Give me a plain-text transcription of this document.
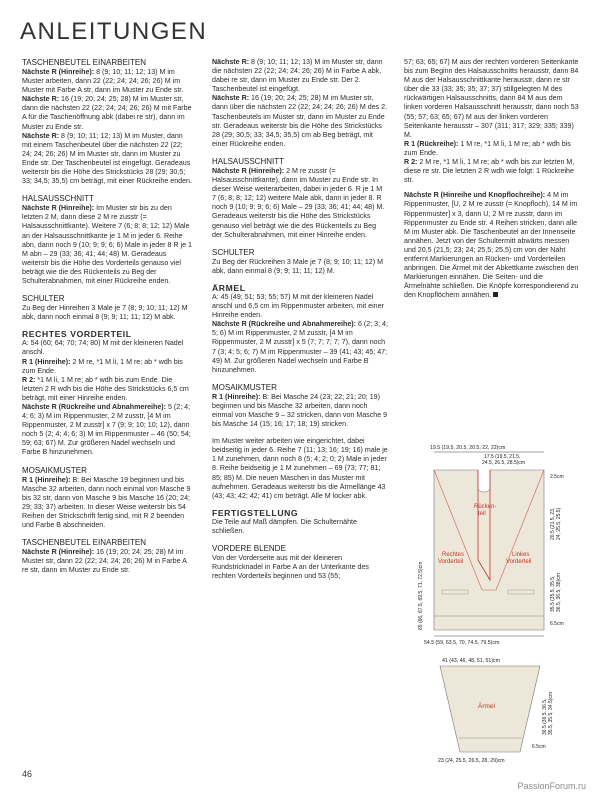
ANLEITUNGEN
TASCHENBEUTEL EINARBEITEN

Nächste R (Hinreihe): 8 (9; 10; 11; 12; 13) M im Muster arbeiten, dann 22 (22; 24; 24; 26; 26) M im Muster mit Farbe A str, dann im Muster zu Ende str.

Nächste R: 16 (19; 20; 24; 25; 28) M im Muster str, dann die nächsten 22 (22; 24; 24; 26; 26) M mit Farbe A für die Taschenöffnung abk (dabei re str), dann im Muster zu Ende str.

Nächste R: 8 (9; 10; 11; 12; 13) M im Muster, dann mit einem Taschenbeutel über die nächsten 22 (22; 24; 24; 26; 26) M im Muster str, dann im Muster zu Ende str. Der Taschenbeutel ist eingefügt. Geradeaus weiterstr bis die Höhe des Strickstücks 28 (29; 30,5; 33; 34,5; 35,5) cm beträgt, mit einer Rückreihe enden.

HALSAUSSCHNITT

Nächste R (Hinreihe): Im Muster str bis zu den letzten 2 M, dann diese 2 M re zusstr (= Halsausschnittkante). Weitere 7 (6; 8; 8; 12; 12) Male an der Halsausschnittkante je 1 M in jeder 6. Reihe abn, dann noch 9 (10; 9; 9; 6; 6) Male in jeder 8 R je 1 M abn – 29 (33; 36; 41; 44; 48) M. Geradeaus weiterstr bis die Höhe des Vorderteils genauso viel beträgt wie die des Rückenteils zu Beg der Schulterabnahmen, mit einer Rückreihe enden.

SCHULTER

Zu Beg der Hinreihen 3 Male je 7 (8; 9; 10; 11; 12) M abk, dann noch einmal 8 (9; 9; 11; 11; 12) M abk.

RECHTES VORDERTEIL

A: 54 (60; 64; 70; 74; 80) M mit der kleineren Nadel anschl.

R 1 (Hinreihe): 2 M re, *1 M li, 1 M re; ab * wdh bis zum Ende.

R 2: *1 M li, 1 M re; ab * wdh bis zum Ende. Die letzten 2 R wdh bis die Höhe des Strickstücks 6,5 cm beträgt, mit einer Hinreihe enden.

Nächste R (Rückreihe und Abnahmereihe): 5 (2; 4; 4; 6; 3) M im Rippenmuster, 2 M zusstr, [4 M im Rippenmuster, 2 M zusstr] x 7 (9; 9; 10; 10; 12), dann noch 5 (2; 4; 4; 6; 3) M im Rippenmuster – 46 (50; 54; 59; 63; 67) M. Zur größeren Nadel wechseln und Farbe B hinzunehmen.

MOSAIKMUSTER

R 1 (Hinreihe): B: Bei Masche 19 beginnen und bis Masche 32 arbeiten, dann noch einmal von Masche 9 bis 32 str, dann von Masche 9 bis Masche 16 (20; 24; 29; 33; 37) arbeiten. In dieser Weise weiterstr bis 54 Reihen der Strickschrift fertig sind, mit R 2 beenden und Farbe B abschneiden.

TASCHENBEUTEL EINARBEITEN

Nächste R (Hinreihe): 16 (19; 20; 24; 25; 28) M im Muster str, dann 22 (22; 24; 24; 26; 26) M in Farbe A re str, dann im Muster zu Ende str.

Nächste R: 8 (9; 10; 11; 12; 13) M im Muster str, dann die nächsten 22 (22; 24; 24; 26; 26) M in Farbe A abk, dabei re str, dann im Muster zu Ende str. Der 2. Taschenbeutel ist eingefügt.

Nächste R: 16 (19; 20; 24; 25; 28) M im Muster str, dann über die nächsten 22 (22; 24; 24; 26; 26) M des 2. Taschenbeutels im Muster str, dann im Muster zu Ende str. Geradeaus weiterstr bis die Höhe des Strickstücks 28 (29; 30,5; 33; 34,5; 35,5) cm ab Beg beträgt, mit einer Rückreihe enden.

HALSAUSSCHNITT

Nächste R (Hinreihe): 2 M re zusstr (= Halsausschnittkante), dann im Muster zu Ende str. In dieser Weise weiterarbeiten, dabei in jeder 6. R je 1 M 7 (6; 8; 8; 12; 12) weitere Male abk, dann in jeder 8. R noch 9 (10; 9; 9; 6; 6) Male – 29 (33; 36; 41; 44; 48) M. Geradeaus weiterstr bis die Höhe des Strickstücks genauso viel beträgt wie die des Rückenteils zu Beg der Schulterabnahmen, mit einer Hinreihe enden.

SCHULTER

Zu Beg der Rückreihen 3 Male je 7 (8; 9; 10; 11; 12) M abk, dann einmal 8 (9; 9; 11; 11; 12) M.

ÄRMEL

A: 45 (49; 51; 53; 55; 57) M mit der kleineren Nadel anschl und 6,5 cm im Rippenmuster arbeiten, mit einer Hinreihe enden.

Nächste R (Rückreihe und Abnahmereihe): 6 (2; 3; 4; 5; 6) M im Rippenmuster, 2 M zusstr, [4 M im Rippenmuster, 2 M zusstr] x 5 (7; 7; 7; 7; 7), dann noch 7 (3; 4; 5; 6; 7) M im Rippenmuster – 39 (41; 43; 45; 47; 49) M. Zur größeren Nadel wechseln und Farbe B hinzunehmen.

MOSAIKMUSTER

R 1 (Hinreihe): B: Bei Masche 24 (23; 22; 21; 20; 19) beginnen und bis Masche 32 arbeiten, dann noch einmal von Masche 9 – 32 stricken, dann von Masche 9 bis Masche 14 (15; 16; 17; 18; 19) stricken.

Im Muster weiter arbeiten wie eingerichtet, dabei beidseitig in jeder 6. Reihe 7 (11; 13; 16; 19; 16) male je 1 M zunehmen, dann noch 8 (5; 4; 2; 0; 2) Male in jeder 8. Reihe beidseitig je 1 M zunehmen – 69 (73; 77; 81; 85; 85) M. Die neuen Maschen in das Muster mit aufnehmen. Geradeaus weiterstr bis die Ärmellänge 43 (43; 43; 42; 42; 41) cm beträgt. Alle M locker abk.

FERTIGSTELLUNG

Die Teile auf Maß dämpfen. Die Schulternähte schließen.

VORDERE BLENDE

Von der Vorderseite aus mit der kleineren Rundstricknadel in Farbe A an der Unterkante des rechten Vorderteils beginnen und 53 (55;

57; 63; 65; 67) M aus der rechten vorderen Seitenkante bis zum Beginn des Halsausschnitts herausstr, dann 84 M aus der Halsausschnittkante herausstr, dann re str über die 33 (33; 35; 35; 37; 37) stillgelegten M des rückwärtigen Halsausschnitts, dann 84 M aus dem linken vorderen Halsausschnitt herausstr, dann noch 53 (55; 57; 63; 65; 67) M aus der linken vorderen Seitenkante herausstr – 307 (311; 317; 329; 335; 339) M.

R 1 (Rückreihe): 1 M re, *1 M li, 1 M re; ab * wdh bis zum Ende.

R 2: 2 M re, *1 M li, 1 M re; ab * wdh bis zur letzten M, diese re str. Die letzten 2 R wdh wie folgt: 1 Rückreihe str.

Nächste R (Hinreihe und Knopflochreihe): 4 M im Rippenmuster, [U, 2 M re zusstr (= Knopfloch), 14 M im Rippenmuster] x 3, dann U, 2 M re zusstr, dann im Rippenmuster zu Ende str. 4 Reihen stricken, dann alle M im Muster abk. Die Taschenbeutel an der Innenseite annähen. Jetzt von der Schultermitt abwärts messen und 20,5 (21,5; 23; 24; 25,5; 25,5) cm von der Naht entfernt Markierungen an Rücken- und Vorderteilen anbringen. Die Ärmel mit der Abkettkante zwischen den Markierungen einnähen. Die Seiten- und die Ärmelnähte schließen. Die Knöpfe korrespondierend zu den Knopflöchern annähen.

19.5 (19.5, 20.5, 20.5, 22, 22)cm
17.5 (19.5, 21.5,
24.5, 26.5, 28.5)cm
Rücken-
teil
Rechtes
Vorderteil
Linkes
Vorderteil
2.5cm
20.5 (21.5, 23, 24, 25.5, 25.5)
35.5 (35.5, 35.5, 36.5, 36.5, 38)cm
6.5cm
65 (66, 67.5, 69.5, 71, 72.5)cm
54.5 (59, 63.5, 70, 74.5, 79.5)cm
41 (43, 46, 48, 51, 51)cm
Ärmel	36.5 (36.5, 36.5, 35.5, 35.5, 34.5)cm
6.5cm
23 (24, 25.5, 26.5, 28, 29)cm
46
PassionForum.ru
